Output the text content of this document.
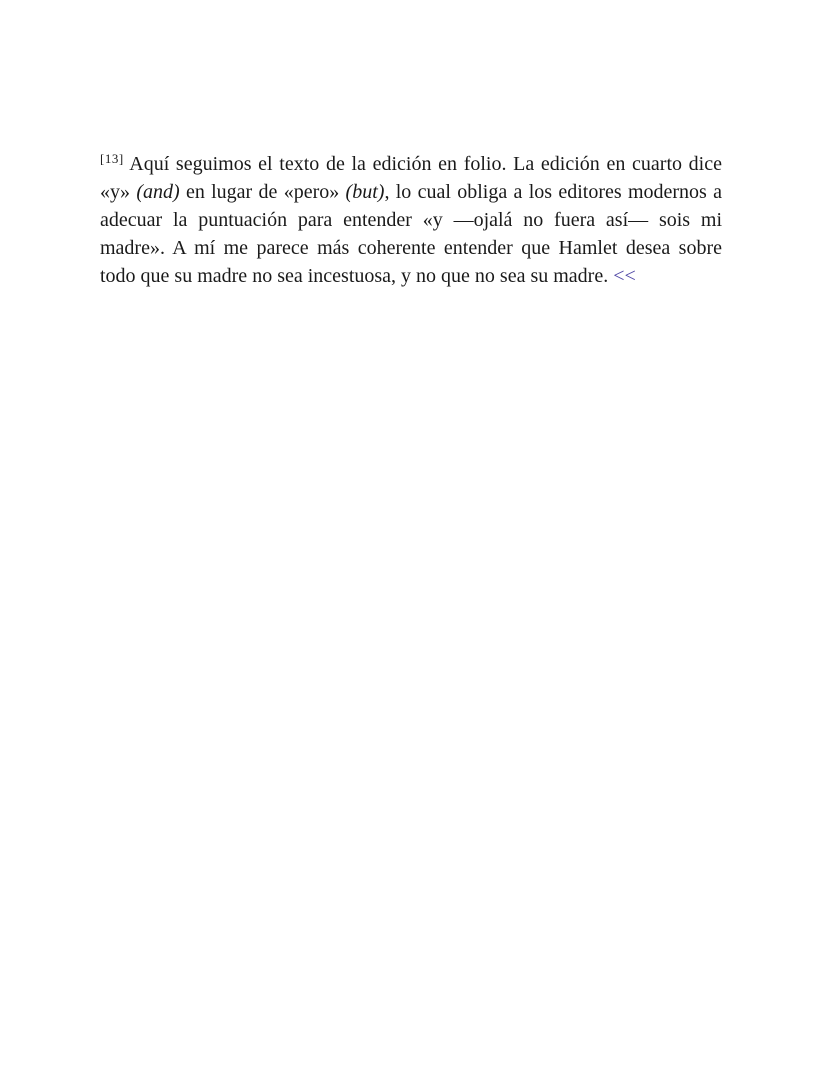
[13] Aquí seguimos el texto de la edición en folio. La edición en cuarto dice «y» (and) en lugar de «pero» (but), lo cual obliga a los editores modernos a adecuar la puntuación para entender «y —ojalá no fuera así— sois mi madre». A mí me parece más coherente entender que Hamlet desea sobre todo que su madre no sea incestuosa, y no que no sea su madre. <<
